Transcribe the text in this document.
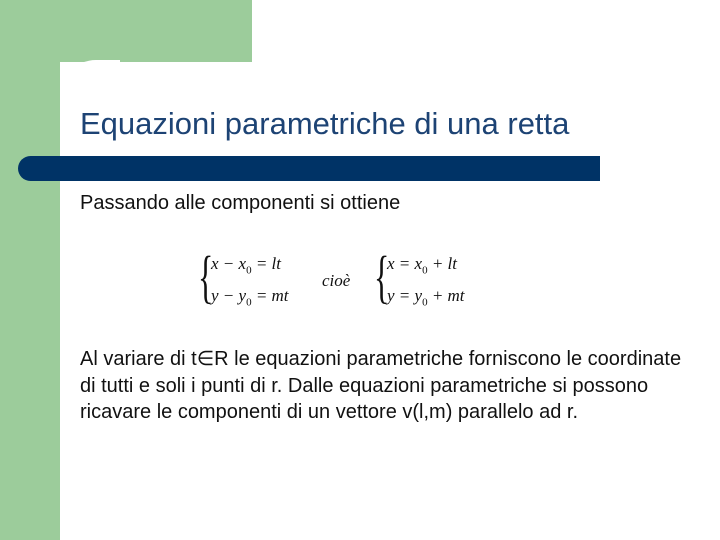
Equazioni parametriche di una retta
Passando alle componenti si ottiene
{
$x - x_0$ = lt
$y - y_0$ = mt
cioè {
$x = x_0$ + lt
$y = y_0$ + mt
Al variare di t∈R le equazioni parametriche forniscono le coordinate di tutti e soli i punti di r. Dalle equazioni parametriche si possono ricavare le componenti di un vettore v(l,m) parallelo ad r.
